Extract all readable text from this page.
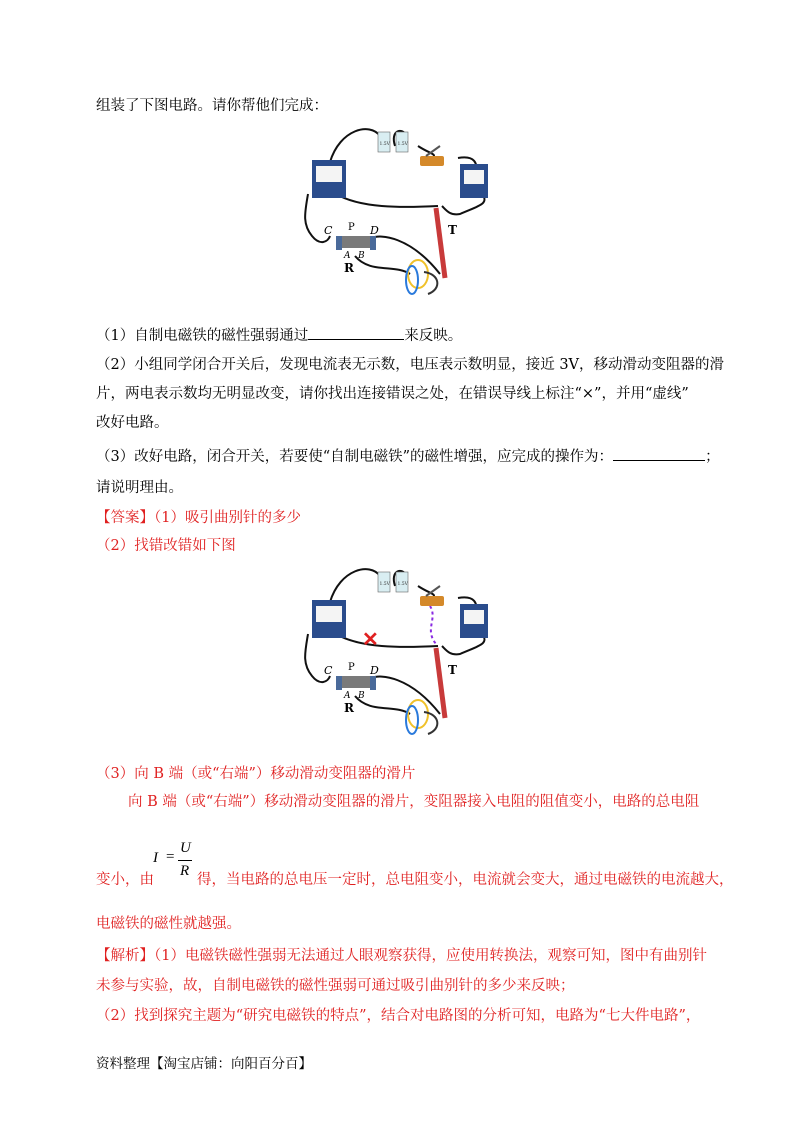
组装了下图电路。请你帮他们完成：
1.5V 1.5V
C P D
A B
R
T
（1）自制电磁铁的磁性强弱通过	来反映。
（2）小组同学闭合开关后，发现电流表无示数，电压表示数明显，接近 3V，移动滑动变阻器的滑
片，两电表示数均无明显改变，请你找出连接错误之处，在错误导线上标注“×”，并用“虚线”
改好电路。
（3）改好电路，闭合开关，若要使“自制电磁铁”的磁性增强，应完成的操作为：	；
请说明理由。
【答案】（1）吸引曲别针的多少
（2）找错改错如下图
1.5V 1.5V
✕
C P D
A B
R
T
（3）向 B 端（或“右端”）移动滑动变阻器的滑片
向 B 端（或“右端”）移动滑动变阻器的滑片，变阻器接入电阻的阻值变小，电路的总电阻
I =
U
R
变小，由	得，当电路的总电压一定时，总电阻变小，电流就会变大，通过电磁铁的电流越大，
电磁铁的磁性就越强。
【解析】（1）电磁铁磁性强弱无法通过人眼观察获得，应使用转换法，观察可知，图中有曲别针
未参与实验，故，自制电磁铁的磁性强弱可通过吸引曲别针的多少来反映；
（2）找到探究主题为“研究电磁铁的特点”，结合对电路图的分析可知，电路为“七大件电路”，
资料整理【淘宝店铺：向阳百分百】
